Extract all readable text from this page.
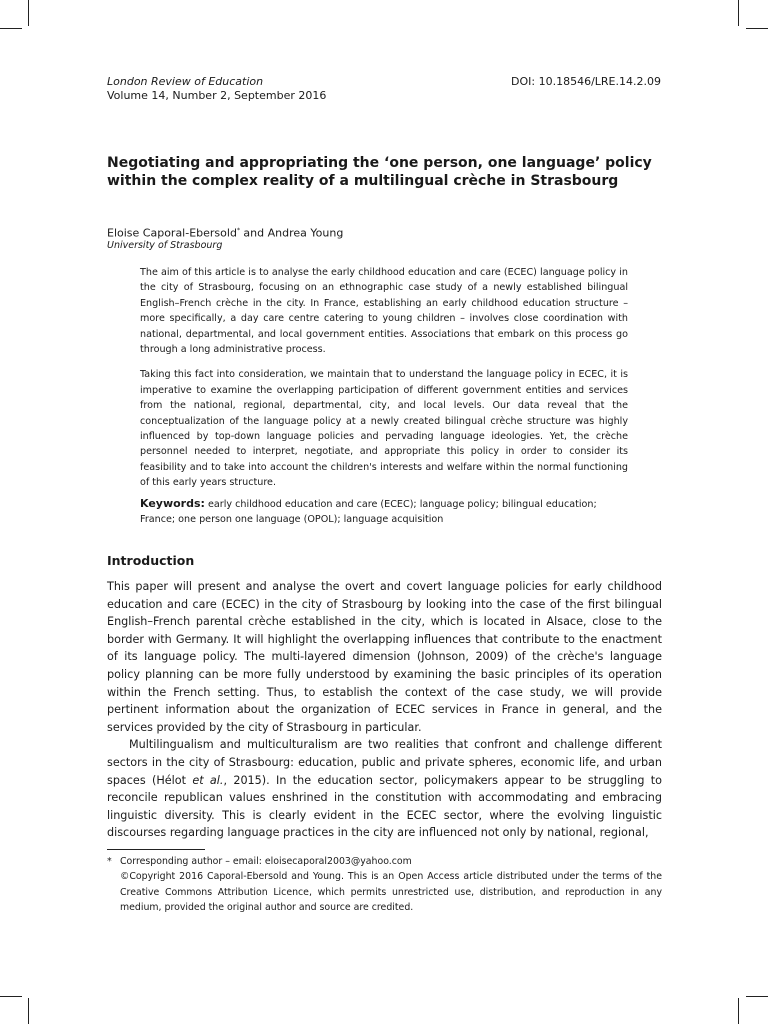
London Review of Education
Volume 14, Number 2, September 2016
DOI: 10.18546/LRE.14.2.09
Negotiating and appropriating the ‘one person, one language’ policy within the complex reality of a multilingual crèche in Strasbourg
Eloise Caporal-Ebersold* and Andrea Young
University of Strasbourg

The aim of this article is to analyse the early childhood education and care (ECEC) language policy in the city of Strasbourg, focusing on an ethnographic case study of a newly established bilingual English–French crèche in the city. In France, establishing an early childhood education structure – more specifically, a day care centre catering to young children – involves close coordination with national, departmental, and local government entities. Associations that embark on this process go through a long administrative process.

Taking this fact into consideration, we maintain that to understand the language policy in ECEC, it is imperative to examine the overlapping participation of different government entities and services from the national, regional, departmental, city, and local levels. Our data reveal that the conceptualization of the language policy at a newly created bilingual crèche structure was highly influenced by top-down language policies and pervading language ideologies. Yet, the crèche personnel needed to interpret, negotiate, and appropriate this policy in order to consider its feasibility and to take into account the children's interests and welfare within the normal functioning of this early years structure.

Keywords: early childhood education and care (ECEC); language policy; bilingual education; France; one person one language (OPOL); language acquisition
Introduction

This paper will present and analyse the overt and covert language policies for early childhood education and care (ECEC) in the city of Strasbourg by looking into the case of the first bilingual English–French parental crèche established in the city, which is located in Alsace, close to the border with Germany. It will highlight the overlapping influences that contribute to the enactment of its language policy. The multi-layered dimension (Johnson, 2009) of the crèche's language policy planning can be more fully understood by examining the basic principles of its operation within the French setting. Thus, to establish the context of the case study, we will provide pertinent information about the organization of ECEC services in France in general, and the services provided by the city of Strasbourg in particular.

Multilingualism and multiculturalism are two realities that confront and challenge different sectors in the city of Strasbourg: education, public and private spheres, economic life, and urban spaces (Hélot et al., 2015). In the education sector, policymakers appear to be struggling to reconcile republican values enshrined in the constitution with accommodating and embracing linguistic diversity. This is clearly evident in the ECEC sector, where the evolving linguistic discourses regarding language practices in the city are influenced not only by national, regional,

* Corresponding author – email: eloisecaporal2003@yahoo.com
©Copyright 2016 Caporal-Ebersold and Young. This is an Open Access article distributed under the terms of the Creative Commons Attribution Licence, which permits unrestricted use, distribution, and reproduction in any medium, provided the original author and source are credited.
